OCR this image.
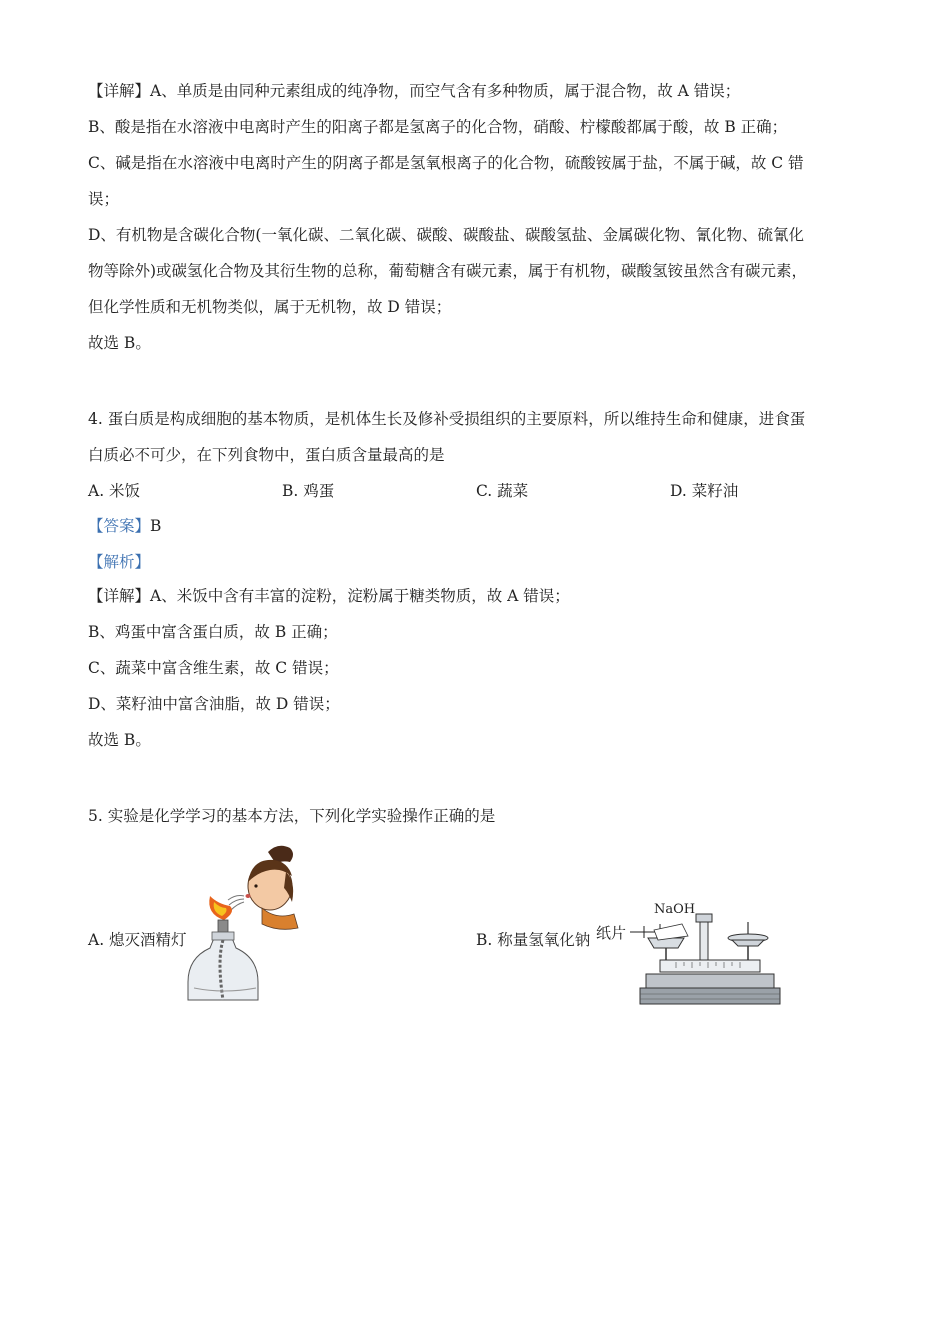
【详解】A、单质是由同种元素组成的纯净物，而空气含有多种物质，属于混合物，故 A 错误；
B、酸是指在水溶液中电离时产生的阳离子都是氢离子的化合物，硝酸、柠檬酸都属于酸，故 B 正确；
C、碱是指在水溶液中电离时产生的阴离子都是氢氧根离子的化合物，硫酸铵属于盐，不属于碱，故 C 错
误；
D、有机物是含碳化合物(一氧化碳、二氧化碳、碳酸、碳酸盐、碳酸氢盐、金属碳化物、氰化物、硫氰化
物等除外)或碳氢化合物及其衍生物的总称，葡萄糖含有碳元素，属于有机物，碳酸氢铵虽然含有碳元素，
但化学性质和无机物类似，属于无机物，故 D 错误；
故选 B。
4. 蛋白质是构成细胞的基本物质，是机体生长及修补受损组织的主要原料，所以维持生命和健康，进食蛋
白质必不可少，在下列食物中，蛋白质含量最高的是
A. 米饭	B. 鸡蛋	C. 蔬菜	D. 菜籽油
【答案】B
【解析】
【详解】A、米饭中含有丰富的淀粉，淀粉属于糖类物质，故 A 错误；
B、鸡蛋中富含蛋白质，故 B 正确；
C、蔬菜中富含维生素，故 C 错误；
D、菜籽油中富含油脂，故 D 错误；
故选 B。
5. 实验是化学学习的基本方法，下列化学实验操作正确的是
A. 熄灭酒精灯	B. 称量氢氧化钠
NaOH
纸片
